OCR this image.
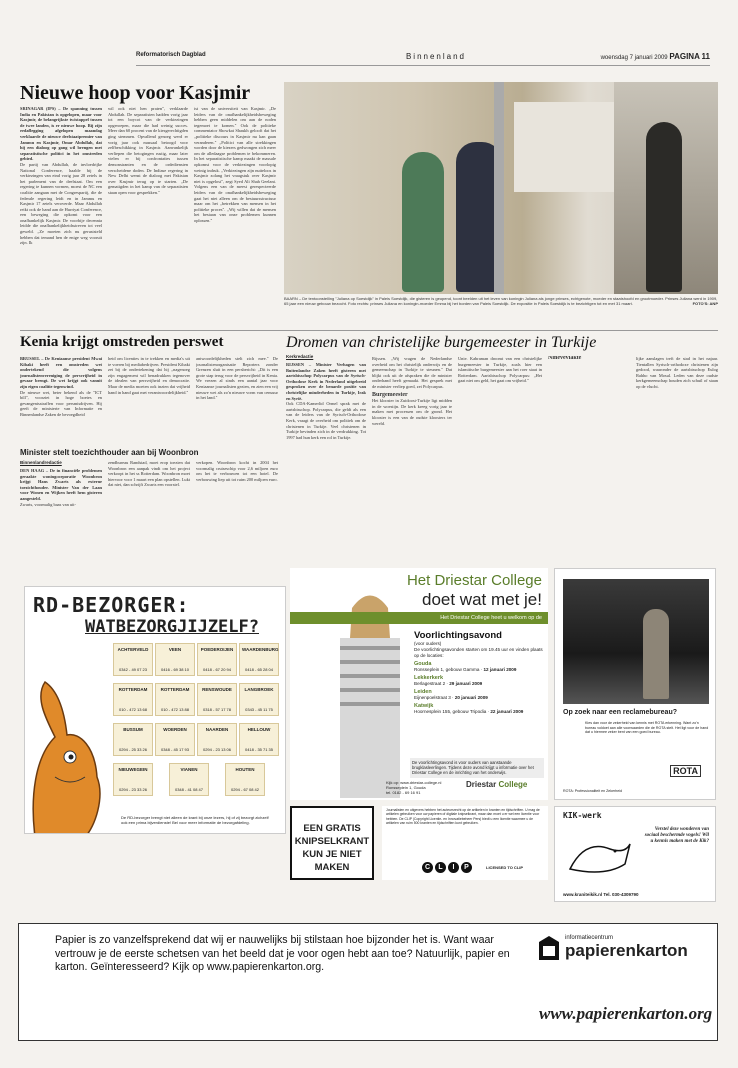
Reformatorisch Dagblad	Binnenland	woensdag 7 januari 2009 PAGINA 11
Nieuwe hoop voor Kasjmir

SRINAGAR (IPS) – De spanning tussen India en Pakistan is opgelopen, maar voor Kasjmir, de belangrijkste twistappel tussen de twee landen, is er nieuwe hoop. Bij zijn eedaflegging afgelopen maandag verklaarde de nieuwe deelstaatpremier van Jammu en Kasjmir, Omar Abdullah, dat hij een dialoog op gang wil brengen met separatistische politici in het omstreden gebied.

De partij van Abdullah, de invloedrijke National Conference, haalde bij de verkiezingen van eind vorig jaar 28 zetels in het parlement van de deelstaat. Om een regering te kunnen vormen, moest de NC een coalitie aangaan met de Congrespartij, die de federale regering leidt en in Jammu en Kasjmir 17 zetels veroverde. Maar Abdullah reikt ook de hand aan de Hurriyat Conference, een beweging die opkomt voor een onafhankelijk Kasjmir. De voorbije decennia leidde die onafhankelijkheidsstreven tot veel geweld. „Ze moeten zich nu geruststeld hebben dat iemand hen de enige weg vooruit zijn. Ik

wil ook niet hen praten", verklaarde Abdullah. De separatisten hadden vorig jaar tot een boycot van de verkiezingen opgeroepen, maar die had weinig succes. Meer dan 60 procent van de kiesgerechtigden ging stemmen. Opvallend genoeg werd er vorig jaar ook massaal betoogd voor zelfbeschikking in Kasjmir. Aanvankelijk verliepen die betogingen rustig, maar later vielen er bij confrontaties tussen demonstranten en de ordediensten verscheidene doden. De Indiase regering in New Delhi wenst de dialoog met Pakistan over Kasjmir terug op te starten. „De gematigden in het kamp van de separatisten staan open voor gesprekken."
ist van de universiteit van Kasjmir. „De leiders van de onafhankelijkheidsbeweging hebben geen middelen om aan de noden tegemoet te komen." Ook de politieke commentator Showkat Shaukh gelooft dat het „politieke discours in Kasjmir nu kan gaan veranderen." „Politici van alle strekkingen worden door de kiezers gedwongen zich meer om de alledaagse problemen te bekommeren. In het separatistische kamp maakt de massale opkomst voor de verkiezingen voorlopig weinig indruk. „Verkiezingen zijn nutteloos in Kasjmir zolang het vraagstuk over Kasjmir niet is opgelost", zegt Syed Ali Shah Geelani. Volgens een van de meest gerespecteerde leiders van de onafhankelijkheidsbeweging gaat het niet alleen om de bestuursstructuur maar om het „betrekken van mensen in het politieke proces". „Wij willen dat de mensen het bestaan van onze problemen kunnen oplossen."
BAARN – De tentoonstelling "Juliana op Soestdijk" in Paleis Soestdijk, die gisteren is geopend, toont beelden uit het leven van koningin Juliana als jonge prinses, echtgenote, moeder en staatshoofd en grootmoeder. Prinses Juliana werd in 1909, 65 jaar een nieuw gebouw bezocht. Foto rechts: prinses Juliana en koningin-moeder Emma bij het borden van Paleis Soestdijk. De expositie in Paleis Soestdijk is te bezichtigen tot en met 31 maart.	FOTO'S: ANP
Kenia krijgt omstreden perswet

BRUSSEL – De Keniaanse president Mwai Kibaki heeft een omstreden wet ondertekend die volgens journalistenvereniging de persvrijheid in gevaar brengt. De wet krijgt ook vanuit zijn eigen coalitie tegenwind.

De nieuwe wet, beter bekend als de "ICT bill", voorziet in hoge boetes en gevangenisstraffen voor persmisdrijven. Hij geeft de ministerie van Informatie en Binnenlandse Zaken de bevoegdheid

heid om licenties in te trekken en media's uit te voeren bij mediabedrijven. President Kibaki zei bij de ondertekening dat hij „nagenoeg zijn engagement wil benadrukken tegenover de idealen van persvrijheid en democratie. Maar de media moeten ook inzien dat vrijheid hand in hand gaat met verantwoordelijkheid."
antwoordelijkheden stelt zich mee." De journalistenorganisatie Reporters zonder Grenzen sluit in een persbericht: „Dit is een grote stap terug voor de persvrijheid in Kenia. We vrezen al sinds een aantal jaar voor Keniaanse journalisten gezien, en zien een vrij nieuwe wet als zo'n nieuwe vorm van censuur in het land."
Minister stelt toezichthouder aan bij Woonbron
Binnenlandredactie

DEN HAAG – De in financiële problemen geraakte woningcorporatie Woonbron krijgt Hans Zwarts als externe toezichthouder. Minister Van der Laan voor Wonen en Wijken heeft hem gisteren aangesteld.

Zwarts, voormalig baas van uit-

zendbureau Randstad, moet erop toezien dat Woonbron een aanpak vindt om het project verkoopt in het ss Rotterdam. Woonbron moet hiervoor voor 1 maart een plan opstellen. Lukt dat niet, dan schrijft Zwarts een voorstel.
verkopen. Woonbron kocht in 2004 het voormalig cruiseschip voor 2,6 miljoen euro om het te verbouwen tot een hotel. De verbouwing liep uit tot ruim 200 miljoen euro.
Dromen van christelijke burgemeester in Turkije
Kerkredactie

RIJSSEN – Minister Verhagen van Buitenlandse Zaken heeft gisteren met aartsbisschop Polycarpus van de Syrisch-Orthodoxe Kerk in Nederland uitgebreid gesproken over de benarde positie van christelijke minderheden in Turkije, Irak en Syrië.

Ook CDA-Kamerlid Ormel sprak met de aartsbisschop. Polycarpus, die geldt als een van de leiders van de Syrisch-Orthodoxe Kerk, vraagt de overheid om politiek om de christenen in Turkije. Veel christenen in Turkije bevinden zich in de verdrukking. Tot 1997 had hun kerk een rol in Turkije.

Rijssen. „Wij vragen de Nederlandse overheid om het christelijk onderwijs en de gemeenschap in Turkije te steunen." Dat blijkt ook uit de afspraken die de minister onderhand heeft gemaakt. Het gesprek met de minister verliep goed, zei Polycarpus.

Burgemeester

Het klooster in Zuidoost-Turkije ligt midden in de woestijn. De kerk kreeg vorig jaar te maken met processen om de grond. Het klooster is een van de oudste kloosters ter wereld.

Unie. Kabraman droomt van een christelijke burgemeester in Turkije, zoals hier een islamitische burgemeester aan het roer staat in Rotterdam. Aartsbisschop Polycarpus: „Het gaat niet om geld, het gaat om vrijheid."

Ninevevlakte	lijke aanslagen treft de stad in het najaar. Tientallen Syrisch-orthodoxe christenen zijn gedood, waaronder de aartsbisschop Eulog Rahho van Mosul. Leden van deze oudste kerkgemeenschap houden zich schuil of staan op de vlucht.
RD-BEZORGER:
WATBEZORGJIJZELF?
ACHTERVELD
0342 - 49 07 23
VEEN
0416 - 69 38 10
POEDEROIJEN
0418 - 67 20 94
WAARDENBURG
0418 - 65 28 04
ROTTERDAM
010 - 472 13 68
ROTTERDAM
010 - 472 13 88
RENSWOUDE
0318 - 57 17 78
LANGBROEK
0343 - 45 11 75
BUSSUM
0294 - 25 33 26
WOERDEN
0348 - 45 17 93
NAARDEN
0294 - 23 13 06
HELLOUW
0418 - 35 71 35
NIEUWEGEIN
0294 - 23 33 26
VIANEN
0348 - 41 08 47
HOUTEN
0294 - 67 08 42
De RD-bezorger brengt niet alleen de krant bij onze lezers, hij of zij bezorgt zichzelf ook een prima bijverdienste! Bel voor meer informatie de bezorgafdeling.
Het Driestar College
doet wat met je!
Het Driestar College heet u welkom op de
Voorlichtingsavond
(voor ouders)
De voorlichtingsavonden starten om 19.45 uur en vinden plaats op de locaties:
Gouda
Ronsseplein 1, gebouw Gamma · 12 januari 2009
Lekkerkerk
Berlagestraat 2 · 29 januari 2009
Leiden
Eijnenpoelstraat 3 · 20 januari 2009
Katwijk
Hoornesplein 155, gebouw Tripodia · 22 januari 2009
De voorlichtingsavond is voor ouders van aanstaande brugklasleerlingen. Tijdens deze avond krijgt u informatie over het Driestar College en de inrichting van het onderwijs.
Kijk op: www.driestar-college.nl
Ronsseplein 1, Gouda
tel. 0182 - 69 16 91
Driestar College
Op zoek naar een reclamebureau?
Kies dan voor de zekerheid van kennis met ROTA erkenning. Want zo'n bureau voldoet aan alle voorwaarden die de ROTA stelt. Het ligt voor de hand dat u hiermee zeker bent van een goed bureau.
ROTA
ROTA: Professionaliteit en Zekerheid
EEN GRATIS KNIPSELKRANT KUN JE NIET MAKEN
Journalisten en uitgevers hebben het auteursrecht op de artikelen in kranten en tijdschriften. U mag de artikelen gebruiken voor uw papieren of digitale knipselkrant, maar dan moet u er wel een licentie voor hebben. De CLIP (Copyright Licentie- en Innovatiebeheer Pers) biedt u een licentie waarmee u de artikelen van ruim 500 kranten en tijdschriften kunt gebruiken.
C	L	I	P	LICENSED TO CLIP
KIK-werk
Verstel deze wonderen van sociaal beschermde vogels! Wil u kennis maken met de Kik?
www.kraniteikik.nl Tel. 030-4309790
Papier is zo vanzelfsprekend dat wij er nauwelijks bij stilstaan hoe bijzonder het is. Want waar vertrouw je de eerste schetsen van het beeld dat je voor ogen hebt aan toe? Natuurlijk, papier en karton. Geïnteresseerd? Kijk op www.papierenkarton.org.
informatiecentrum
papierenkarton
www.papierenkarton.org
